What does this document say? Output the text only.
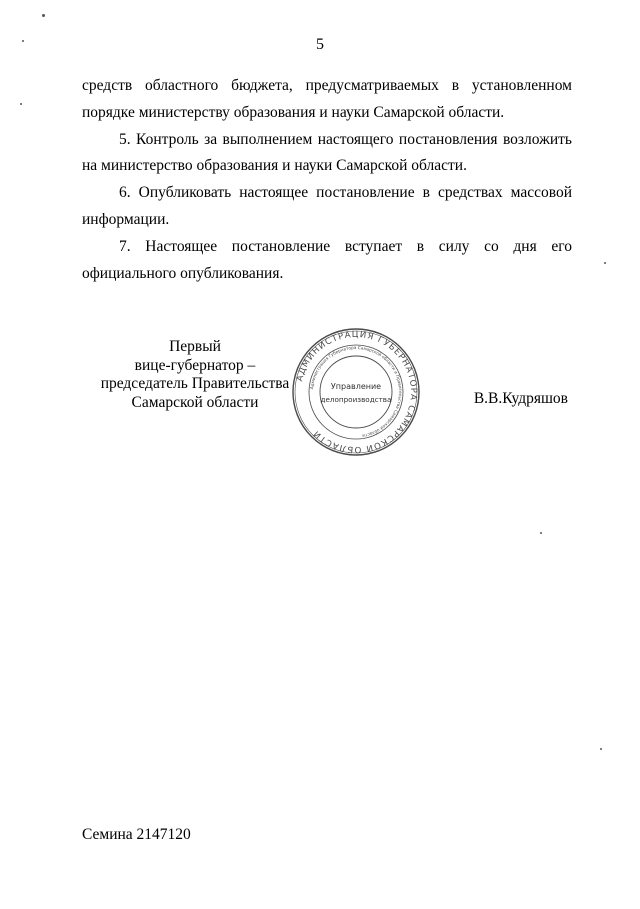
5

средств областного бюджета, предусматриваемых в установленном порядке министерству образования и науки Самарской области.

5. Контроль за выполнением настоящего постановления возложить на министерство образования и науки Самарской области.

6. Опубликовать настоящее постановление в средствах массовой информации.

7. Настоящее постановление вступает в силу со дня его официального опубликования.

Первый
вице-губернатор –
председатель Правительства
Самарской области
АДМИНИСТРАЦИЯ ГУБЕРНАТОРА САМАРСКОЙ ОБЛАСТИ
Администрация Губернатора Самарской области и Правительства Самарской области
Управление
делопроизводства	В.В.Кудряшов
Семина 2147120
